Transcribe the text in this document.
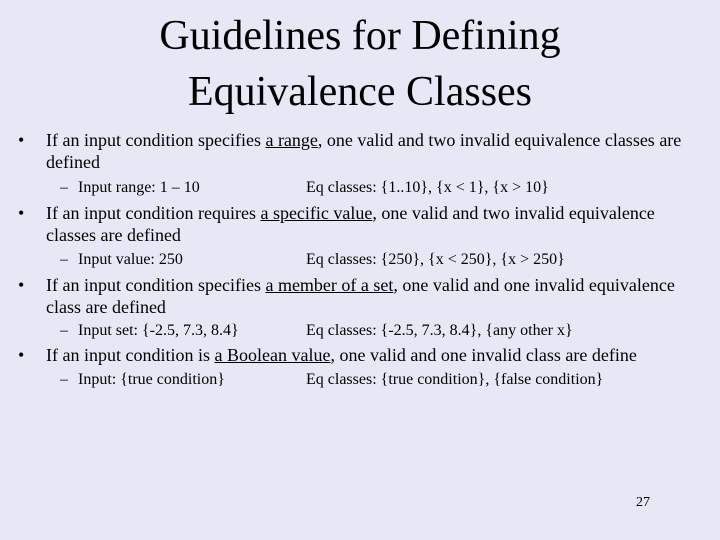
Guidelines for Defining
Equivalence Classes
• If an input condition specifies a range, one valid and two invalid equivalence classes are defined
– Input range: 1 – 10	Eq classes: {1..10}, {x < 1}, {x > 10}
• If an input condition requires a specific value, one valid and two invalid equivalence classes are defined
– Input value: 250	Eq classes: {250}, {x < 250}, {x > 250}
• If an input condition specifies a member of a set, one valid and one invalid equivalence class are defined
– Input set: {-2.5, 7.3, 8.4}	Eq classes: {-2.5, 7.3, 8.4}, {any other x}
• If an input condition is a Boolean value, one valid and one invalid class are define
– Input: {true condition}	Eq classes: {true condition}, {false condition}
27
